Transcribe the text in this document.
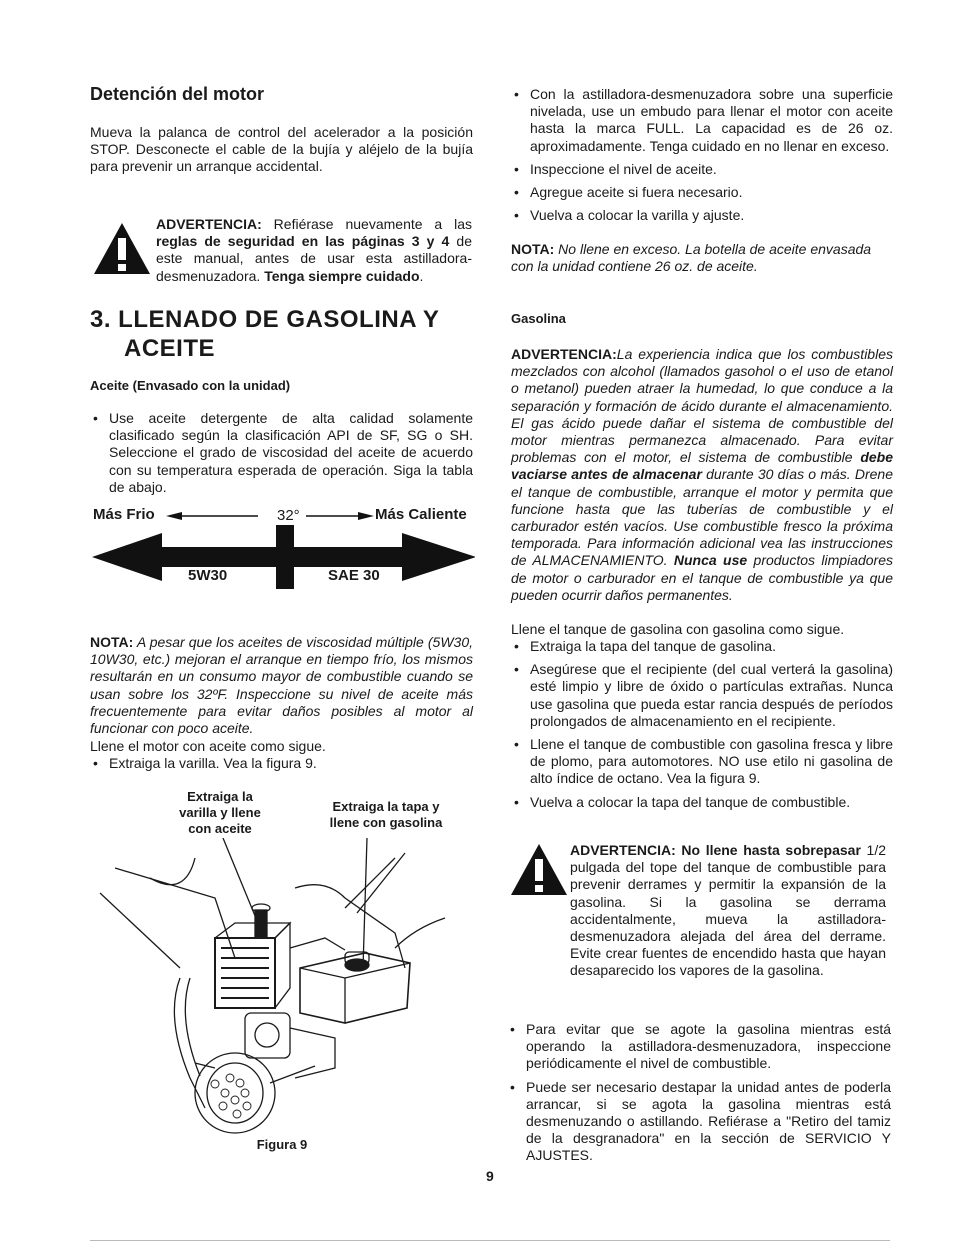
Detención del motor

Mueva la palanca de control del acelerador a la posición STOP. Desconecte el cable de la bujía y aléjelo de la bujía para prevenir un arranque accidental.

ADVERTENCIA: Refiérase nuevamente a las reglas de seguridad en las páginas 3 y 4 de este manual, antes de usar esta astilladora-desmenuzadora. Tenga siempre cuidado.

3. LLENADO DE GASOLINA Y
ACEITE
Aceite (Envasado con la unidad)
• Use aceite detergente de alta calidad solamente clasificado según la clasificación API de SF, SG o SH. Seleccione el grado de viscosidad del aceite de acuerdo con su temperatura esperada de operación. Siga la tabla de abajo.
Más Frio	32°	Más Caliente
5W30	SAE 30

NOTA: A pesar que los aceites de viscosidad múltiple (5W30, 10W30, etc.) mejoran el arranque en tiempo frío, los mismos resultarán en un consumo mayor de combustible cuando se usan sobre los 32ºF. Inspeccione su nivel de aceite más frecuentemente para evitar daños posibles al motor al funcionar con poco aceite.

Llene el motor con aceite como sigue.

• Extraiga la varilla. Vea la figura 9.
Extraiga la
varilla y llene
con aceite
Extraiga la tapa y
llene con gasolina
Figura 9
• Con la astilladora-desmenuzadora sobre una superficie nivelada, use un embudo para llenar el motor con aceite hasta la marca FULL. La capacidad es de 26 oz. aproximadamente. Tenga cuidado en no llenar en exceso.
• Inspeccione el nivel de aceite.
• Agregue aceite si fuera necesario.
• Vuelva a colocar la varilla y ajuste.

NOTA: No llene en exceso. La botella de aceite envasada con la unidad contiene 26 oz. de aceite.

Gasolina

ADVERTENCIA:La experiencia indica que los combustibles mezclados con alcohol (llamados gasohol o el uso de etanol o metanol) pueden atraer la humedad, lo que conduce a la separación y formación de ácido durante el almacenamiento. El gas ácido puede dañar el sistema de combustible del motor mientras permanezca almacenado. Para evitar problemas con el motor, el sistema de combustible debe vaciarse antes de almacenar durante 30 días o más. Drene el tanque de combustible, arranque el motor y permita que funcione hasta que las tuberías de combustible y el carburador estén vacíos. Use combustible fresco la próxima temporada. Para información adicional vea las instrucciones de ALMACENAMIENTO. Nunca use productos limpiadores de motor o carburador en el tanque de combustible ya que pueden ocurrir daños permanentes.

Llene el tanque de gasolina con gasolina como sigue.

• Extraiga la tapa del tanque de gasolina.
• Asegúrese que el recipiente (del cual verterá la gasolina) esté limpio y libre de óxido o partículas extrañas. Nunca use gasolina que pueda estar rancia después de períodos prolongados de almacenamiento en el recipiente.
• Llene el tanque de combustible con gasolina fresca y libre de plomo, para automotores. NO use etilo ni gasolina de alto índice de octano. Vea la figura 9.
• Vuelva a colocar la tapa del tanque de combustible.

ADVERTENCIA: No llene hasta sobrepasar 1/2 pulgada del tope del tanque de combustible para prevenir derrames y permitir la expansión de la gasolina. Si la gasolina se derrama accidentalmente, mueva la astilladora-desmenuzadora alejada del área del derrame. Evite crear fuentes de encendido hasta que hayan desaparecido los vapores de la gasolina.

• Para evitar que se agote la gasolina mientras está operando la astilladora-desmenuzadora, inspeccione periódicamente el nivel de combustible.
• Puede ser necesario destapar la unidad antes de poderla arrancar, si se agota la gasolina mientras está desmenuzando o astillando. Refiérase a "Retiro del tamiz de la desgranadora" en la sección de SERVICIO Y AJUSTES.
9
